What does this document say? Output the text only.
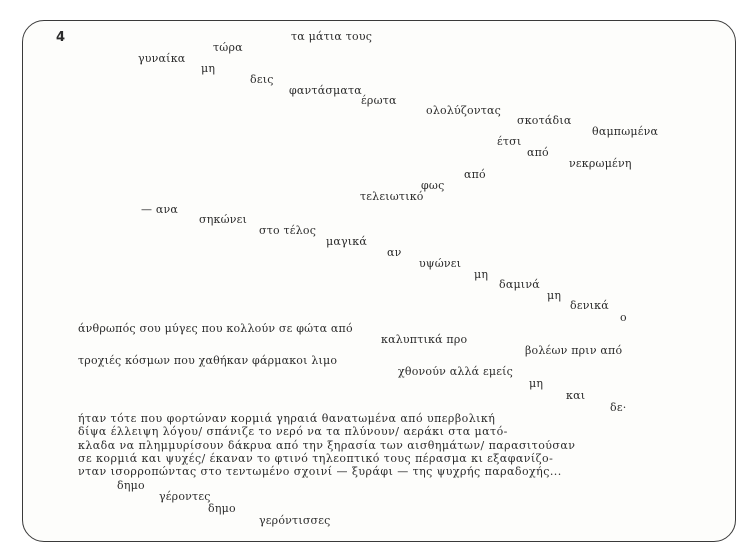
4	τα μάτια τους
τώρα
γυναίκα
μη
δεις
φαντάσματα
έρωτα
ολολύζοντας
σκοτάδια
θαμπωμένα
έτσι
από
νεκρωμένη
από
φως
τελειωτικό
— ανα
σηκώνει
στο τέλος
μαγικά
αν
υψώνει
μη
δαμινά
μη
δενικά
ο
άνθρωπός σου μύγες που κολλούν σε φώτα από
καλυπτικά προ
βολέων πριν από
τροχιές κόσμων που χαθήκαν φάρμακοι λιμο
χθονούν αλλά εμείς
μη
και
δε·
ήταν τότε που φορτώναν κορμιά γηραιά θανατωμένα από υπερβολική
δίψα έλλειψη λόγου/ σπάνιζε το νερό να τα πλύνουν/ αεράκι στα ματό-
κλαδα να πλημμυρίσουν δάκρυα από την ξηρασία των αισθημάτων/ παρασιτούσαν
σε κορμιά και ψυχές/ έκαναν το φτινό τηλεοπτικό τους πέρασμα κι εξαφανίζο-
νταν ισορροπώντας στο τεντωμένο σχοινί — ξυράφι — της ψυχρής παραδοχής...
δημο
γέροντες
δημο
γερόντισσες
